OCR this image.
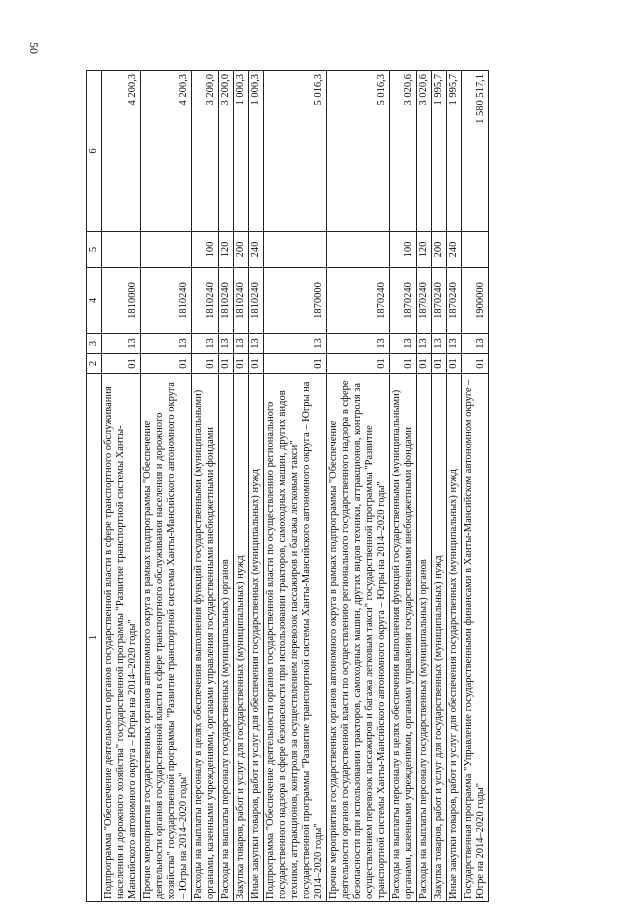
50
1	2	3	4	5	6
Подпрограмма "Обеспечение деятельности органов государственной власти в сфере транспортного обслуживания населения и дорожного хозяйства" государственной программы "Развитие транспортной системы Ханты-Мансийского автономного округа – Югры на 2014–2020 годы"	01	13	1810000		4 200,3
Прочие мероприятия государственных органов автономного округа в рамках подпрограммы "Обеспечение деятельности органов государственной власти в сфере транспортного обслуживания населения и дорожного хозяйства" государственной программы "Развитие транспортной системы Ханты-Мансийского автономного округа – Югры на 2014–2020 годы"	01	13	1810240		4 200,3
Расходы на выплаты персоналу в целях обеспечения выполнения функций государственными (муниципальными) органами, казенными учреждениями, органами управления государственными внебюджетными фондами	01	13	1810240	100	3 200,0
Расходы на выплаты персоналу государственных (муниципальных) органов	01	13	1810240	120	3 200,0
Закупка товаров, работ и услуг для государственных (муниципальных) нужд	01	13	1810240	200	1 000,3
Иные закупки товаров, работ и услуг для обеспечения государственных (муниципальных) нужд	01	13	1810240	240	1 000,3
Подпрограмма "Обеспечение деятельности органов государственной власти по осуществлению регионального государственного надзора в сфере безопасности при использовании тракторов, самоходных машин, других видов техники, аттракционов, контроля за осуществлением перевозок пассажиров и багажа легковым такси" государственной программы "Развитие транспортной системы Ханты-Мансийского автономного округа – Югры на 2014–2020 годы"	01	13	1870000		5 016,3
Прочие мероприятия государственных органов автономного округа в рамках подпрограммы "Обеспечение деятельности органов государственной власти по осуществлению регионального государственного надзора в сфере безопасности при использовании тракторов, самоходных машин, других видов техники, аттракционов, контроля за осуществлением перевозок пассажиров и багажа легковым такси" государственной программы "Развитие транспортной системы Ханты-Мансийского автономного округа – Югры на 2014–2020 годы"	01	13	1870240		5 016,3
Расходы на выплаты персоналу в целях обеспечения выполнения функций государственными (муниципальными) органами, казенными учреждениями, органами управления государственными внебюджетными фондами	01	13	1870240	100	3 020,6
Расходы на выплаты персоналу государственных (муниципальных) органов	01	13	1870240	120	3 020,6
Закупка товаров, работ и услуг для государственных (муниципальных) нужд	01	13	1870240	200	1 995,7
Иные закупки товаров, работ и услуг для обеспечения государственных (муниципальных) нужд	01	13	1870240	240	1 995,7
Государственная программа "Управление государственными финансами в Ханты-Мансийском автономном округе – Югре на 2014–2020 годы"	01	13	1900000		1 580 517,1
